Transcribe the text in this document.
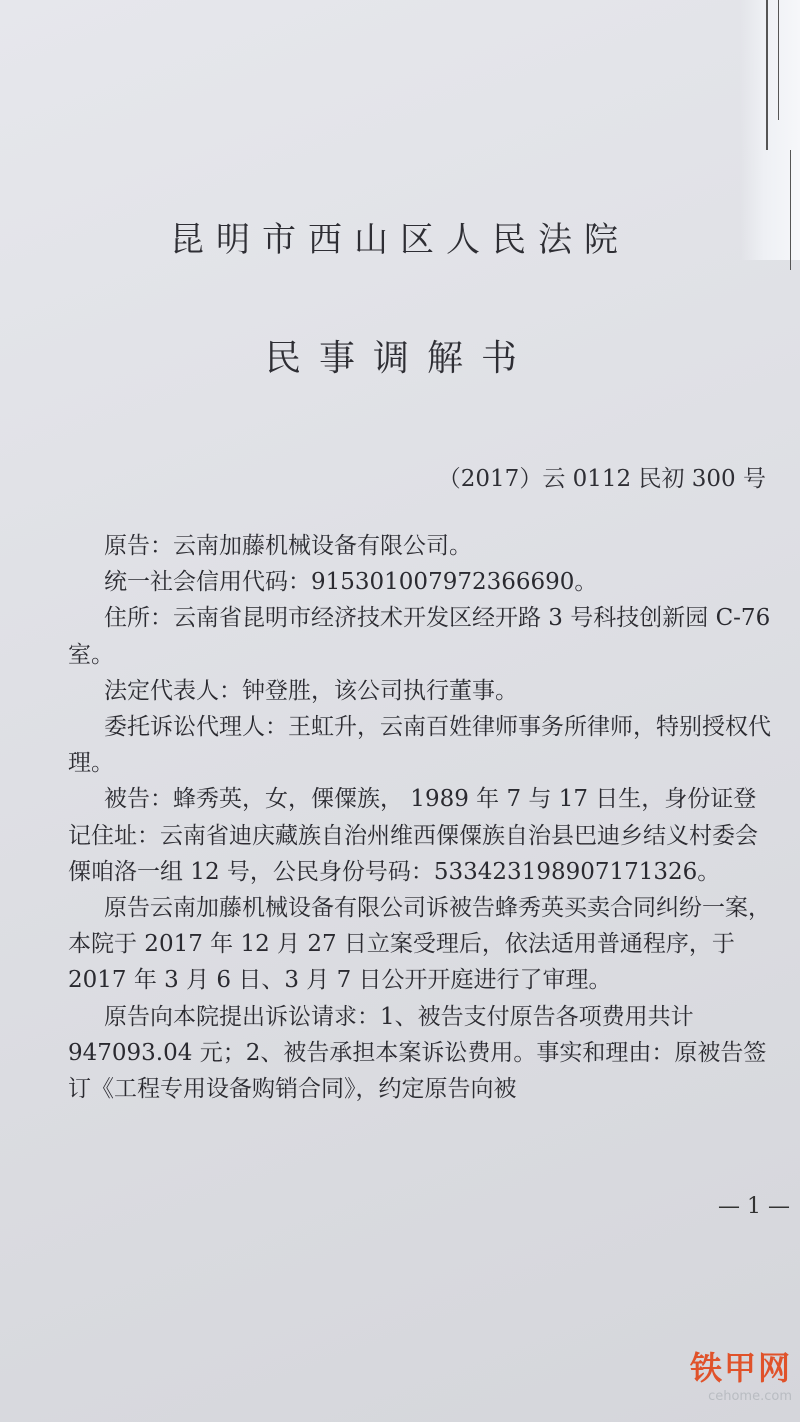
昆明市西山区人民法院
民事调解书
（2017）云 0112 民初 300 号

原告：云南加藤机械设备有限公司。

统一社会信用代码：915301007972366690。

住所：云南省昆明市经济技术开发区经开路 3 号科技创新园 C-76 室。

法定代表人：钟登胜，该公司执行董事。

委托诉讼代理人：王虹升，云南百姓律师事务所律师，特别授权代理。

被告：蜂秀英，女，傈僳族， 1989 年 7 与 17 日生，身份证登记住址：云南省迪庆藏族自治州维西傈僳族自治县巴迪乡结义村委会傈咱洛一组 12 号，公民身份号码：533423198907171326。

原告云南加藤机械设备有限公司诉被告蜂秀英买卖合同纠纷一案，本院于 2017 年 12 月 27 日立案受理后，依法适用普通程序，于 2017 年 3 月 6 日、3 月 7 日公开开庭进行了审理。

原告向本院提出诉讼请求：1、被告支付原告各项费用共计 947093.04 元；2、被告承担本案诉讼费用。事实和理由：原被告签订《工程专用设备购销合同》，约定原告向被

— 1 —
铁甲网
cehome.com
